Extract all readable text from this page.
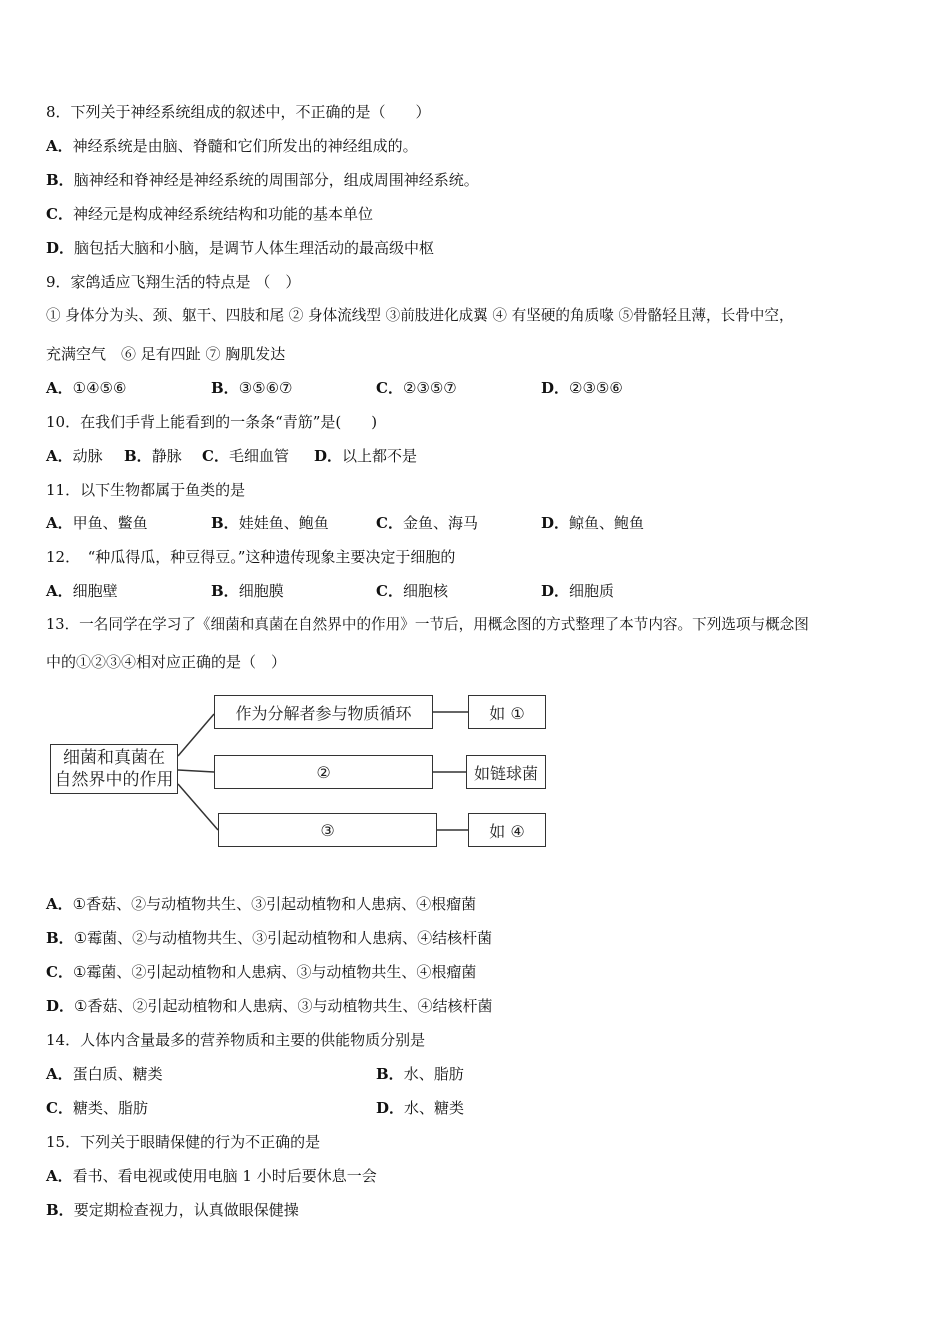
8．下列关于神经系统组成的叙述中，不正确的是（　　）
A．神经系统是由脑、脊髓和它们所发出的神经组成的。
B．脑神经和脊神经是神经系统的周围部分，组成周围神经系统。
C．神经元是构成神经系统结构和功能的基本单位
D．脑包括大脑和小脑，是调节人体生理活动的最高级中枢
9．家鸽适应飞翔生活的特点是 （　）
① 身体分为头、颈、躯干、四肢和尾 ② 身体流线型 ③前肢进化成翼 ④ 有坚硬的角质喙 ⑤骨骼轻且薄，长骨中空，
充满空气　⑥ 足有四趾 ⑦ 胸肌发达
A．①④⑤⑥	B．③⑤⑥⑦	C．②③⑤⑦	D．②③⑤⑥
10．在我们手背上能看到的一条条“青筋”是(　　)
A．动脉 B．静脉 C．毛细血管 D．以上都不是
11．以下生物都属于鱼类的是
A．甲鱼、鳖鱼	B．娃娃鱼、鲍鱼	C．金鱼、海马	D．鲸鱼、鲍鱼
12．　“种瓜得瓜，种豆得豆。”这种遗传现象主要决定于细胞的
A．细胞壁	B．细胞膜	C．细胞核	D．细胞质
13．一名同学在学习了《细菌和真菌在自然界中的作用》一节后，用概念图的方式整理了本节内容。下列选项与概念图
中的①②③④相对应正确的是（　）
细菌和真菌在
自然界中的作用
作为分解者参与物质循环
②
③
如 ①
如链球菌
如 ④
A．①香菇、②与动植物共生、③引起动植物和人患病、④根瘤菌
B．①霉菌、②与动植物共生、③引起动植物和人患病、④结核杆菌
C．①霉菌、②引起动植物和人患病、③与动植物共生、④根瘤菌
D．①香菇、②引起动植物和人患病、③与动植物共生、④结核杆菌
14．人体内含量最多的营养物质和主要的供能物质分别是
A．蛋白质、糖类	B．水、脂肪
C．糖类、脂肪	D．水、糖类
15．下列关于眼睛保健的行为不正确的是
A．看书、看电视或使用电脑 1 小时后要休息一会
B．要定期检查视力，认真做眼保健操
